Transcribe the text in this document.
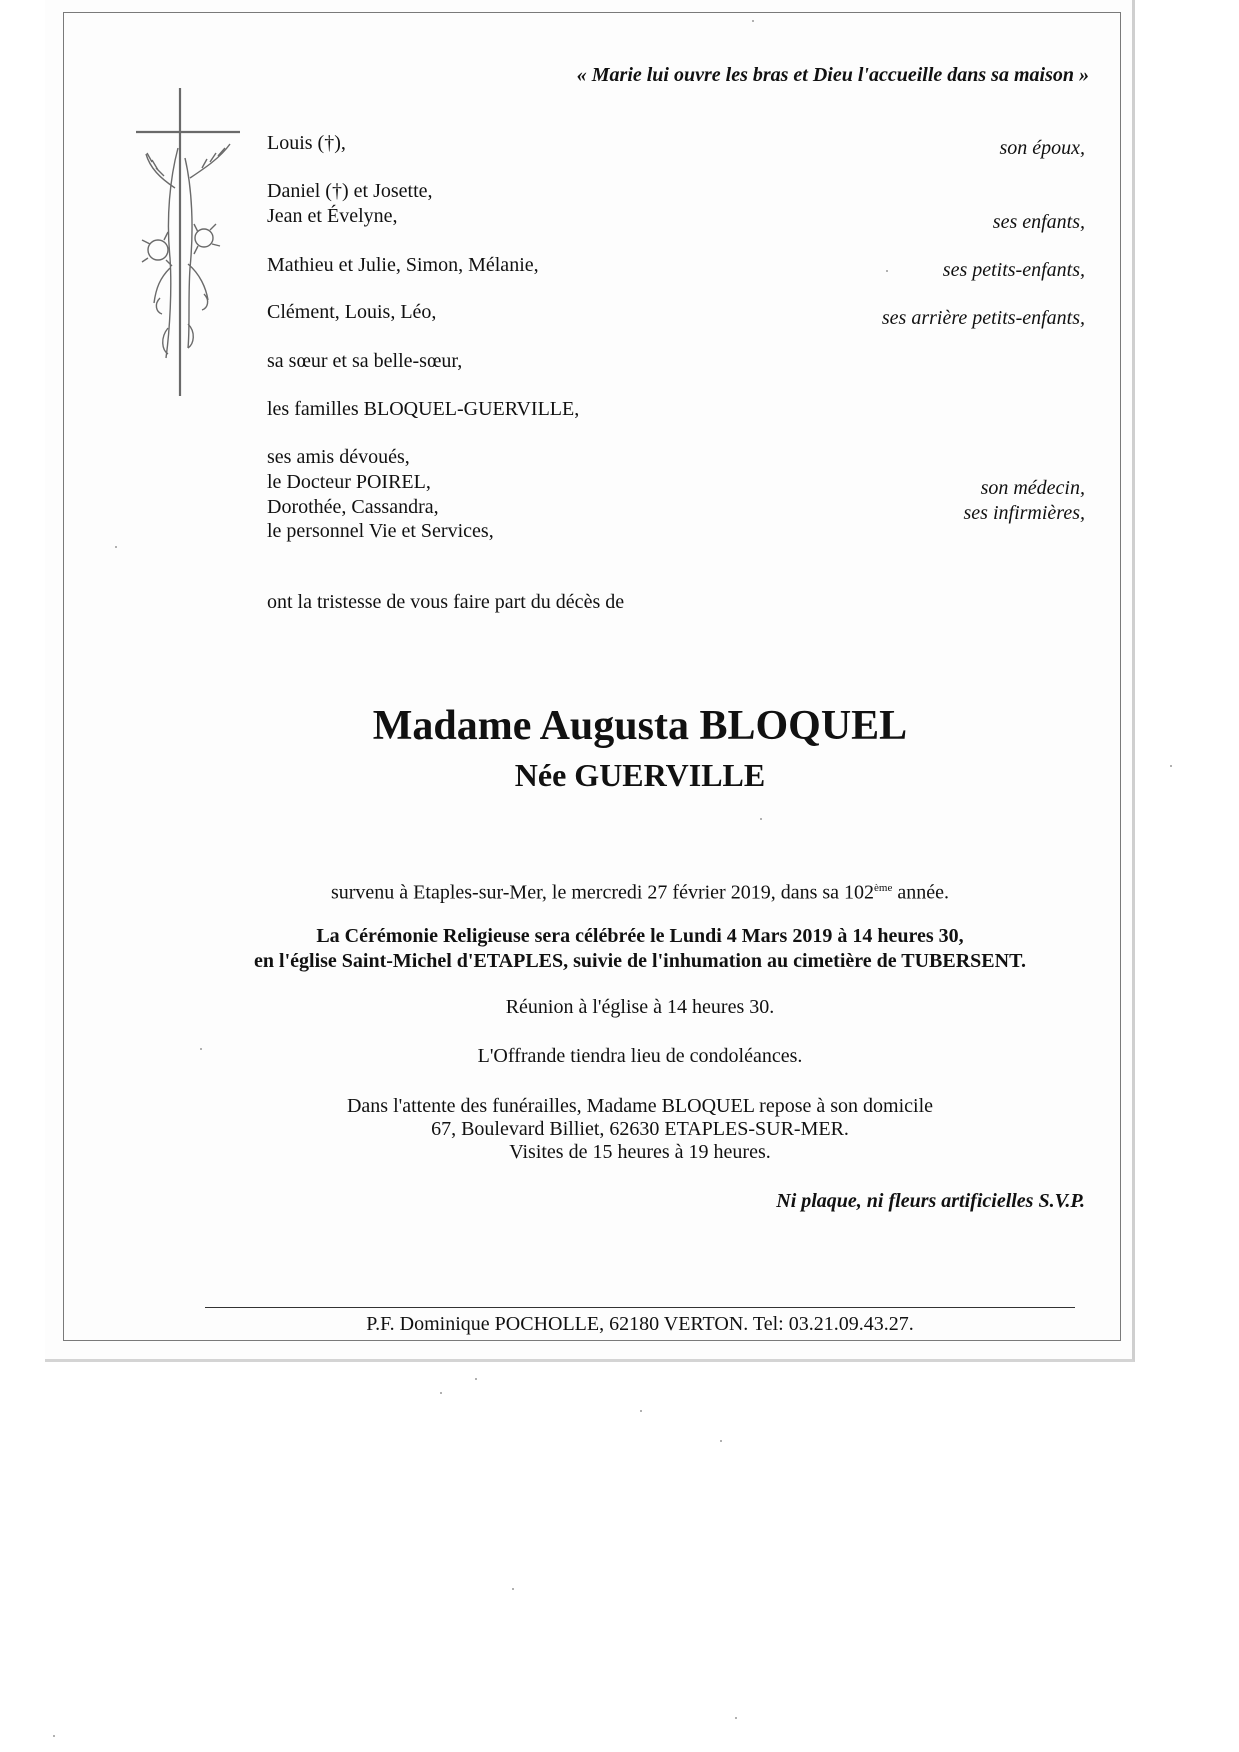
« Marie lui ouvre les bras et Dieu l'accueille dans sa maison »
Louis (†),
Daniel (†) et Josette,
Jean et Évelyne,
Mathieu et Julie, Simon, Mélanie,
Clément, Louis, Léo,
sa sœur et sa belle-sœur,
les familles BLOQUEL-GUERVILLE,
ses amis dévoués,
le Docteur POIREL,
Dorothée, Cassandra,
le personnel Vie et Services,
son époux,
ses enfants,
ses petits-enfants,
ses arrière petits-enfants,
son médecin,
ses infirmières,
ont la tristesse de vous faire part du décès de
Madame Augusta BLOQUEL
Née GUERVILLE
survenu à Etaples-sur-Mer, le mercredi 27 février 2019, dans sa 102ème année.
La Cérémonie Religieuse sera célébrée le Lundi 4 Mars 2019 à 14 heures 30,
en l'église Saint-Michel d'ETAPLES, suivie de l'inhumation au cimetière de TUBERSENT.
Réunion à l'église à 14 heures 30.
L'Offrande tiendra lieu de condoléances.
Dans l'attente des funérailles, Madame BLOQUEL repose à son domicile
67, Boulevard Billiet, 62630 ETAPLES-SUR-MER.
Visites de 15 heures à 19 heures.
Ni plaque, ni fleurs artificielles S.V.P.
P.F. Dominique POCHOLLE, 62180 VERTON. Tel: 03.21.09.43.27.
